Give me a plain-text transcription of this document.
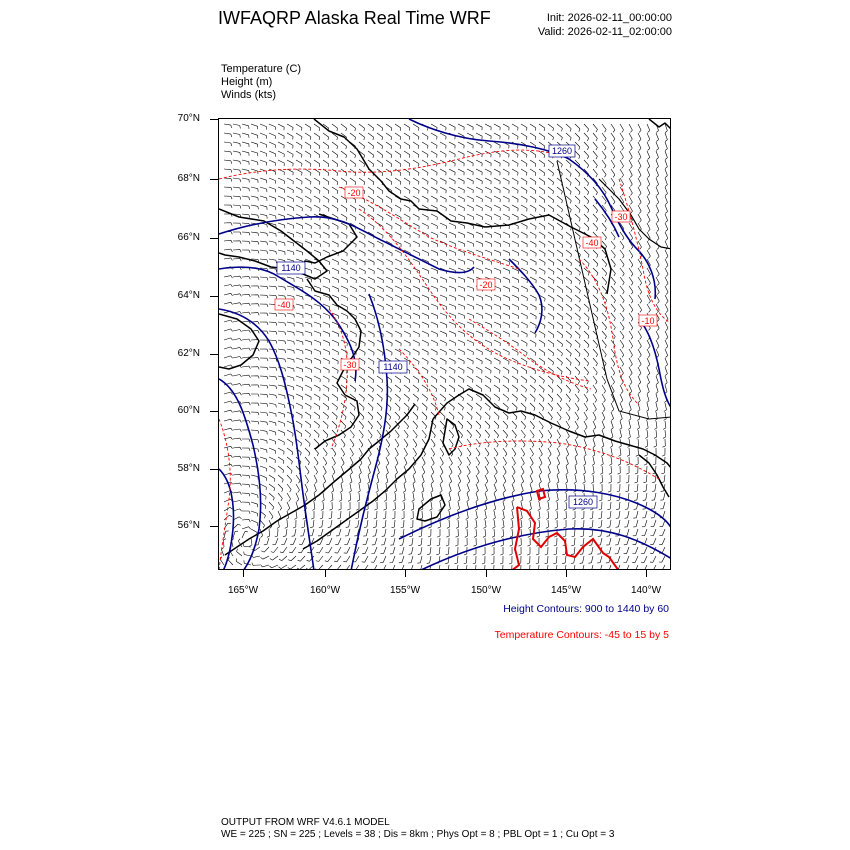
IWFAQRP Alaska Real Time WRF	Init: 2026-02-11_00:00:00
Valid: 2026-02-11_02:00:00
Temperature (C)
Height (m)
Winds (kts)
70°N
68°N
66°N
64°N
62°N
60°N
58°N
56°N
165°W	160°W	155°W	150°W	145°W	140°W
1260
1140
1140
1260
-20
-30
-40
-20
-40
-30
-10
Height Contours: 900 to 1440 by 60
Temperature Contours: -45 to 15 by 5
OUTPUT FROM WRF V4.6.1 MODEL
WE = 225 ; SN = 225 ; Levels = 38 ; Dis = 8km ; Phys Opt = 8 ; PBL Opt = 1 ; Cu Opt = 3
